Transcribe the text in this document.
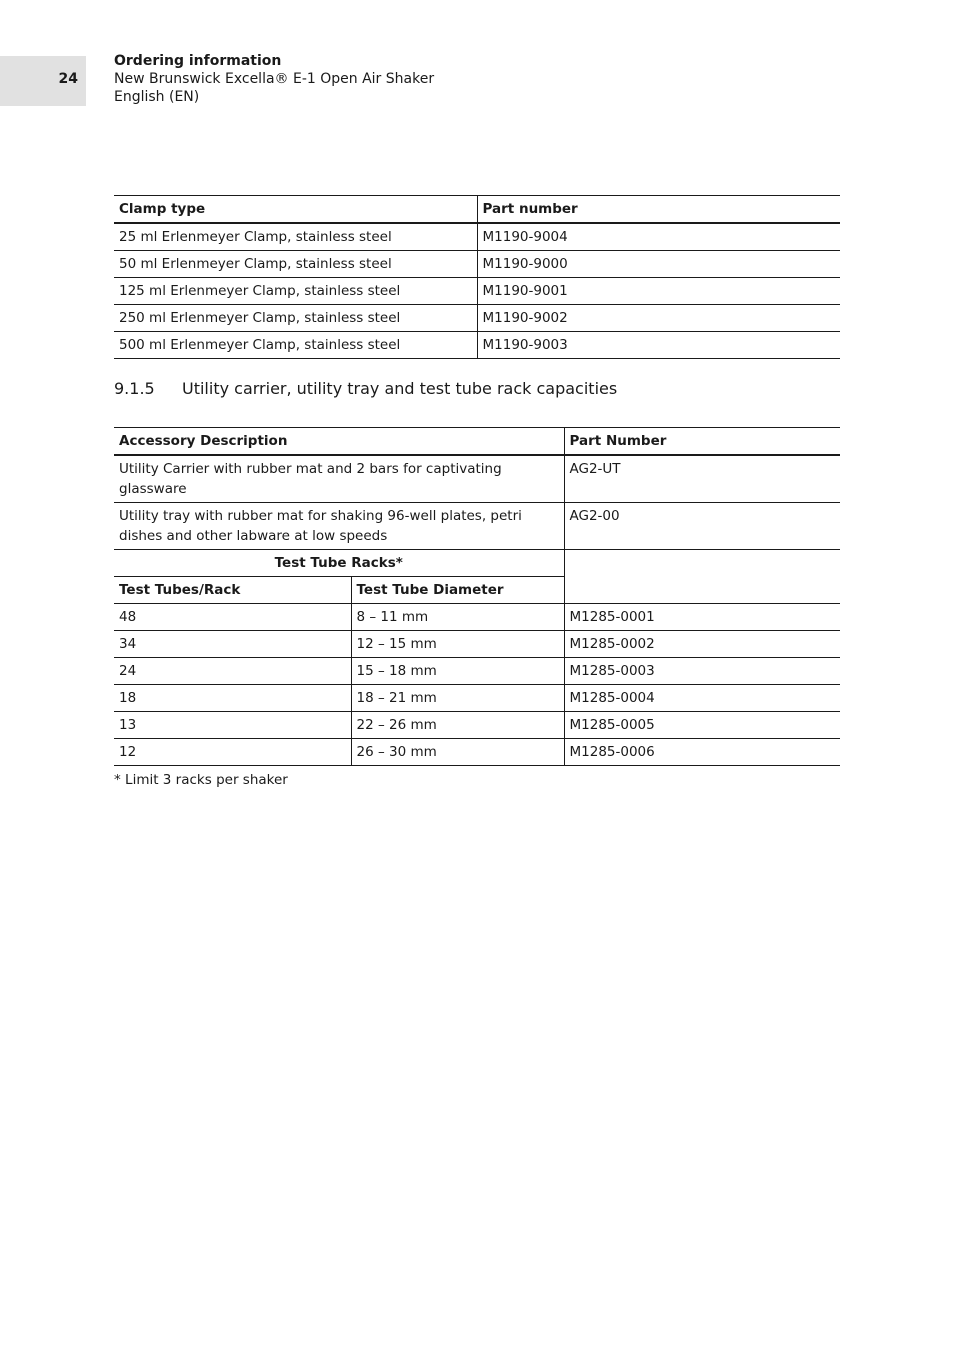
24
Ordering information
New Brunswick Excella® E-1 Open Air Shaker
English (EN)
Clamp type	Part number
25 ml Erlenmeyer Clamp, stainless steel	M1190-9004
50 ml Erlenmeyer Clamp, stainless steel	M1190-9000
125 ml Erlenmeyer Clamp, stainless steel	M1190-9001
250 ml Erlenmeyer Clamp, stainless steel	M1190-9002
500 ml Erlenmeyer Clamp, stainless steel	M1190-9003
9.1.5 Utility carrier, utility tray and test tube rack capacities
Accessory Description		Part Number
Utility Carrier with rubber mat and 2 bars for captivating glassware		AG2-UT
Utility tray with rubber mat for shaking 96-well plates, petri dishes and other labware at low speeds		AG2-00
Test Tube Racks*		
Test Tubes/Rack	Test Tube Diameter	
48	8 – 11 mm	M1285-0001
34	12 – 15 mm	M1285-0002
24	15 – 18 mm	M1285-0003
18	18 – 21 mm	M1285-0004
13	22 – 26 mm	M1285-0005
12	26 – 30 mm	M1285-0006
* Limit 3 racks per shaker
